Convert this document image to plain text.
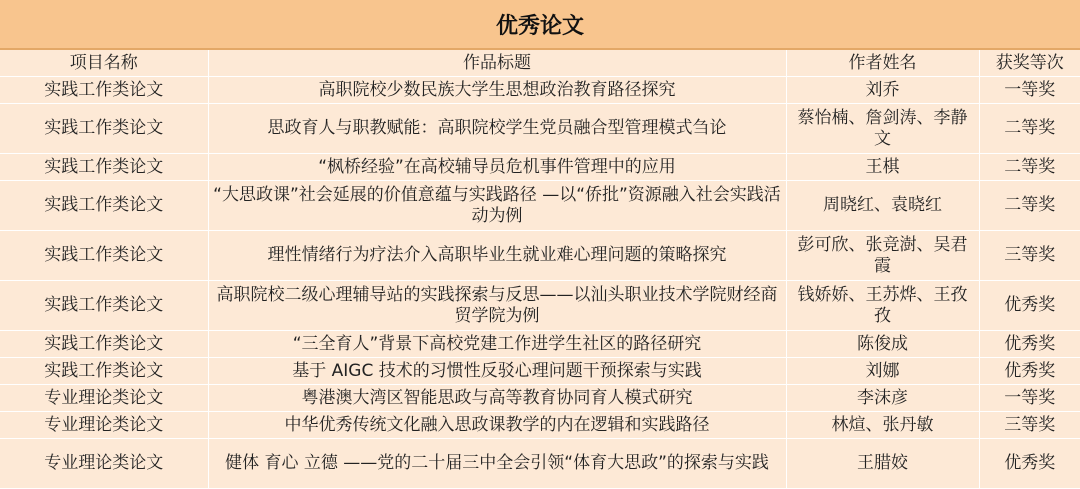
优秀论文
项目名称	作品标题	作者姓名	获奖等次
实践工作类论文	高职院校少数民族大学生思想政治教育路径探究	刘乔	一等奖
实践工作类论文	思政育人与职教赋能：高职院校学生党员融合型管理模式刍论	蔡怡楠、詹剑涛、李静文	二等奖
实践工作类论文	“枫桥经验”在高校辅导员危机事件管理中的应用	王棋	二等奖
实践工作类论文	“大思政课”社会延展的价值意蕴与实践路径 —以“侨批”资源融入社会实践活动为例	周晓红、袁晓红	二等奖
实践工作类论文	理性情绪行为疗法介入高职毕业生就业难心理问题的策略探究	彭可欣、张竞澍、吴君霞	三等奖
实践工作类论文	高职院校二级心理辅导站的实践探索与反思——以汕头职业技术学院财经商贸学院为例	钱娇娇、王苏烨、王孜孜	优秀奖
实践工作类论文	“三全育人”背景下高校党建工作进学生社区的路径研究	陈俊成	优秀奖
实践工作类论文	基于 AIGC 技术的习惯性反驳心理问题干预探索与实践	刘娜	优秀奖
专业理论类论文	粤港澳大湾区智能思政与高等教育协同育人模式研究	李沫彦	一等奖
专业理论类论文	中华优秀传统文化融入思政课教学的内在逻辑和实践路径	林煊、张丹敏	三等奖
专业理论类论文	健体 育心 立德 ——党的二十届三中全会引领“体育大思政”的探索与实践	王腊姣	优秀奖
